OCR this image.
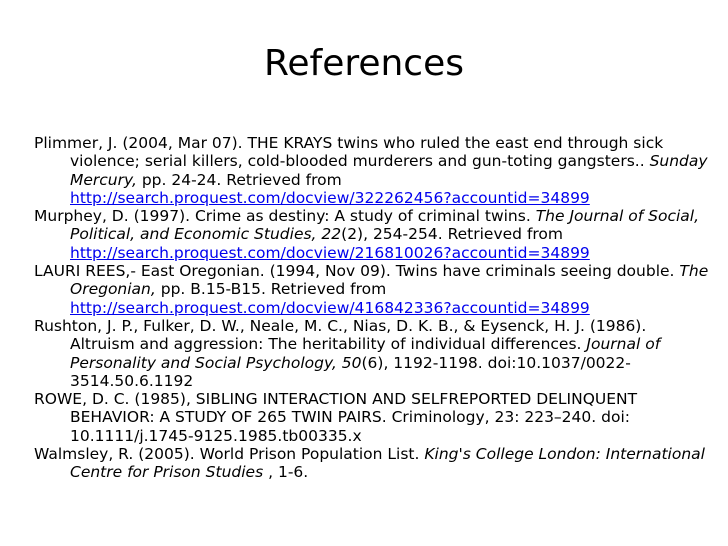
References

Plimmer, J. (2004, Mar 07). THE KRAYS twins who ruled the east end through sick violence; serial killers, cold-blooded murderers and gun-toting gangsters.. Sunday Mercury, pp. 24-24. Retrieved from
http://search.proquest.com/docview/322262456?accountid=34899

Murphey, D. (1997). Crime as destiny: A study of criminal twins. The Journal of Social, Political, and Economic Studies, 22(2), 254-254. Retrieved from
http://search.proquest.com/docview/216810026?accountid=34899

LAURI REES,- East Oregonian. (1994, Nov 09). Twins have criminals seeing double. The Oregonian, pp. B.15-B15. Retrieved from
http://search.proquest.com/docview/416842336?accountid=34899

Rushton, J. P., Fulker, D. W., Neale, M. C., Nias, D. K. B., & Eysenck, H. J. (1986). Altruism and aggression: The heritability of individual differences. Journal of Personality and Social Psychology, 50(6), 1192-1198. doi:10.1037/0022-3514.50.6.1192

ROWE, D. C. (1985), SIBLING INTERACTION AND SELFREPORTED DELINQUENT BEHAVIOR: A STUDY OF 265 TWIN PAIRS. Criminology, 23: 223–240. doi: 10.1111/j.1745-9125.1985.tb00335.x

Walmsley, R. (2005). World Prison Population List. King's College London: International Centre for Prison Studies , 1-6.
